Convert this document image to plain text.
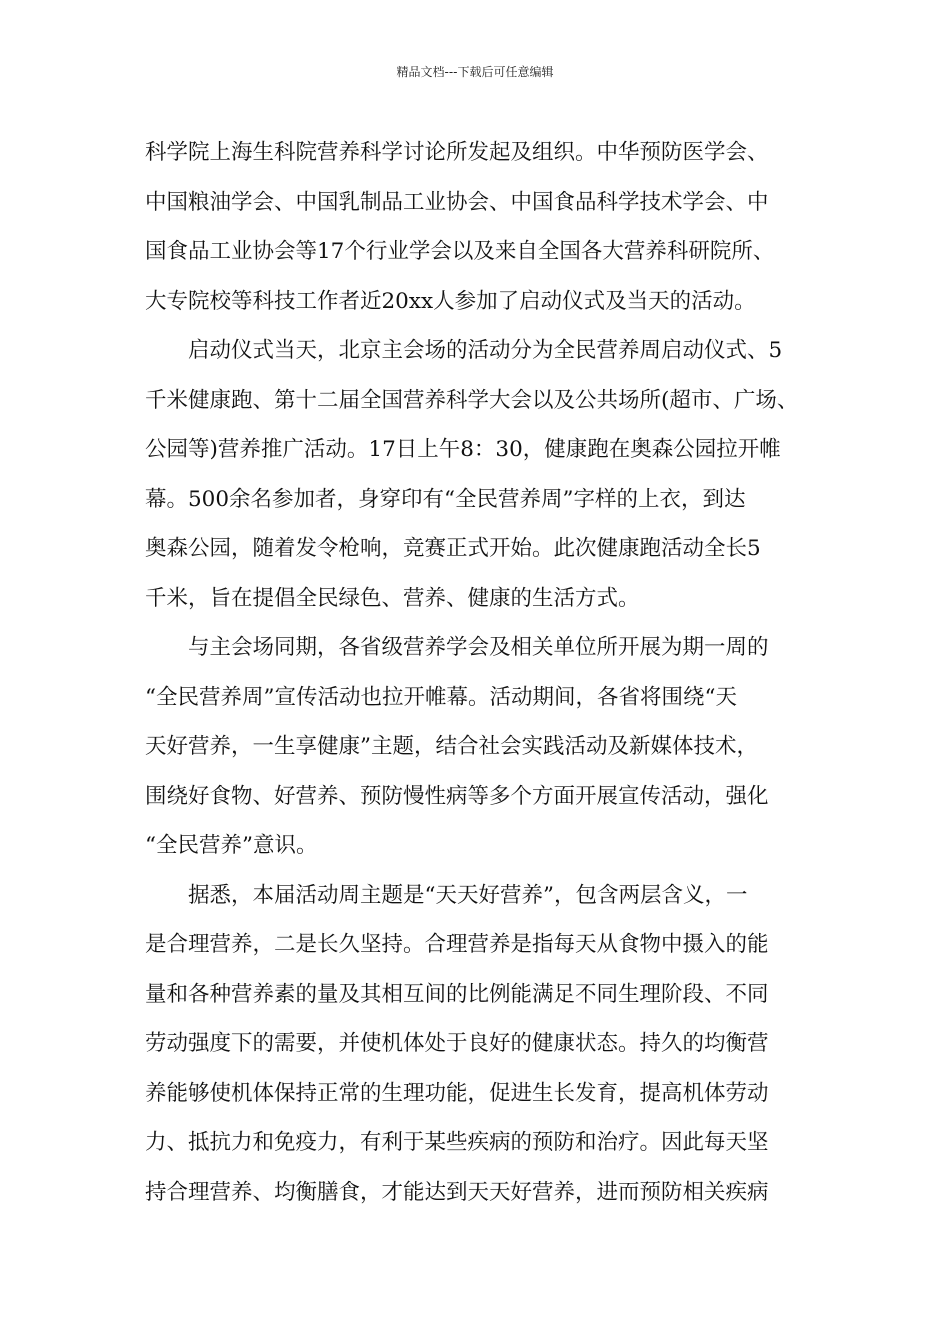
精品文档---下载后可任意编辑
科学院上海生科院营养科学讨论所发起及组织。中华预防医学会、
中国粮油学会、中国乳制品工业协会、中国食品科学技术学会、中
国食品工业协会等17个行业学会以及来自全国各大营养科研院所、
大专院校等科技工作者近20xx人参加了启动仪式及当天的活动。
　　启动仪式当天，北京主会场的活动分为全民营养周启动仪式、5
千米健康跑、第十二届全国营养科学大会以及公共场所(超市、广场、
公园等)营养推广活动。17日上午8：30，健康跑在奥森公园拉开帷
幕。500余名参加者，身穿印有“全民营养周”字样的上衣，到达
奥森公园，随着发令枪响，竞赛正式开始。此次健康跑活动全长5
千米，旨在提倡全民绿色、营养、健康的生活方式。
　　与主会场同期，各省级营养学会及相关单位所开展为期一周的
“全民营养周”宣传活动也拉开帷幕。活动期间，各省将围绕“天
天好营养，一生享健康”主题，结合社会实践活动及新媒体技术，
围绕好食物、好营养、预防慢性病等多个方面开展宣传活动，强化
“全民营养”意识。
　　据悉，本届活动周主题是“天天好营养”，包含两层含义，一
是合理营养，二是长久坚持。合理营养是指每天从食物中摄入的能
量和各种营养素的量及其相互间的比例能满足不同生理阶段、不同
劳动强度下的需要，并使机体处于良好的健康状态。持久的均衡营
养能够使机体保持正常的生理功能，促进生长发育，提高机体劳动
力、抵抗力和免疫力，有利于某些疾病的预防和治疗。因此每天坚
持合理营养、均衡膳食，才能达到天天好营养，进而预防相关疾病
